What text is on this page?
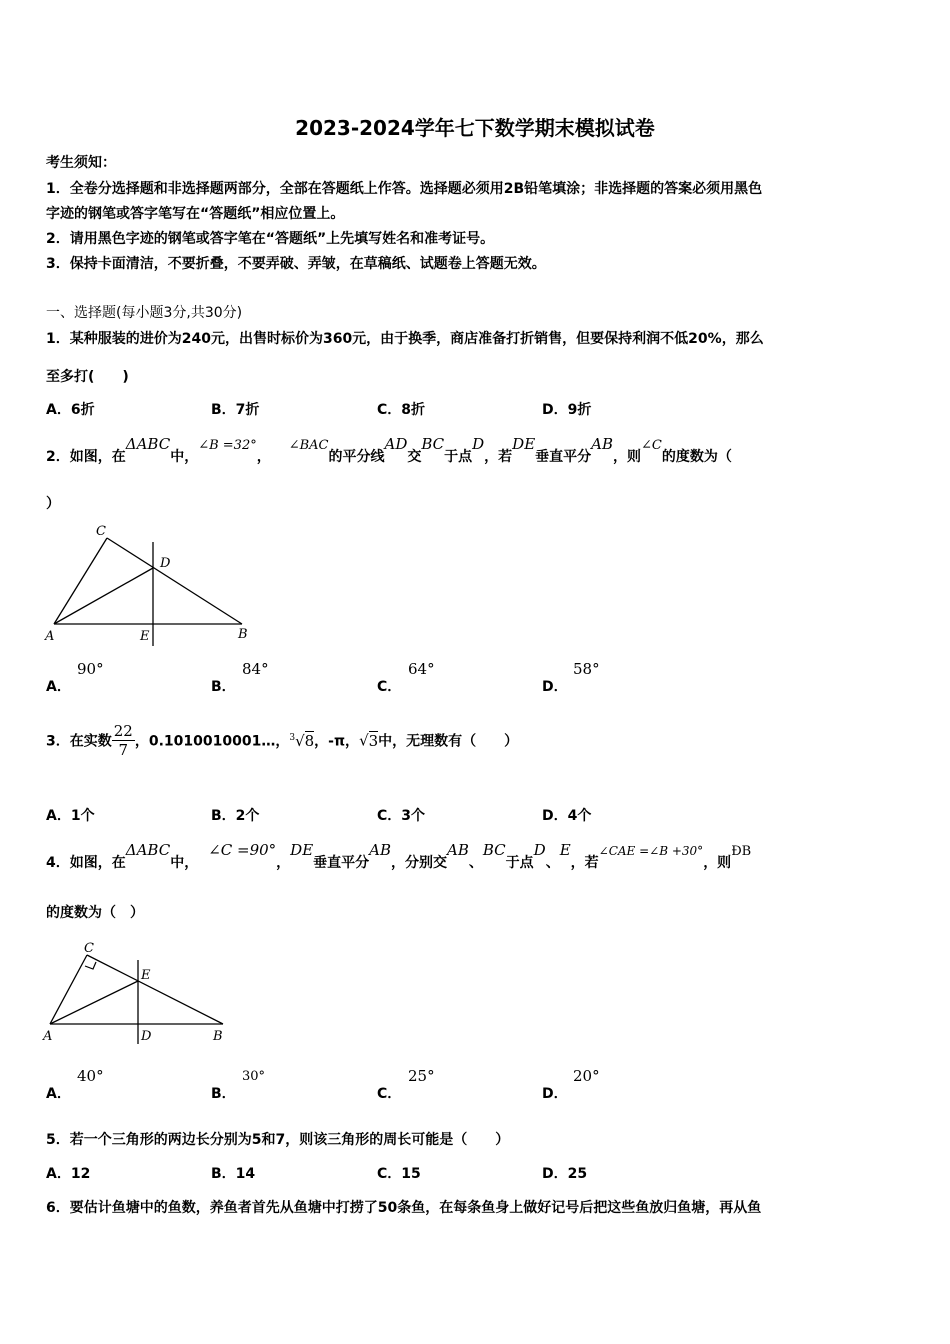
2023-2024学年七下数学期末模拟试卷
考生须知：
1．全卷分选择题和非选择题两部分，全部在答题纸上作答。选择题必须用2B铅笔填涂；非选择题的答案必须用黑色
字迹的钢笔或答字笔写在“答题纸”相应位置上。
2．请用黑色字迹的钢笔或答字笔在“答题纸”上先填写姓名和准考证号。
3．保持卡面清洁，不要折叠，不要弄破、弄皱，在草稿纸、试题卷上答题无效。
一、选择题(每小题3分,共30分)
1．某种服装的进价为240元，出售时标价为360元，由于换季，商店准备打折销售，但要保持利润不低20%，那么
至多打(　　)
A．6折	B．7折	C．8折	D．9折
2．如图，在ΔABC中，∠B =32°，∠BAC的平分线AD交BC于点D，若DE垂直平分AB，则∠C的度数为（
）
C
D
A	E	B
A．
90°
B．
84°
C．
64°
D．
58°
3．在实数 $\frac{22}{7}$ ，0.1010010001…，$^3$√8，-π，√3中，无理数有（　　）
A．1个	B．2个	C．3个	D．4个
4．如图，在ΔABC中，∠C =90°，DE垂直平分AB，分别交AB、BC于点D、E，若∠CAE =∠B +30°，则ÐB
的度数为（　）
C
E
A	D	B
A．
40°
B．
30°
C．
25°
D．
20°
5．若一个三角形的两边长分别为5和7，则该三角形的周长可能是（　　）
A．12	B．14	C．15	D．25
6．要估计鱼塘中的鱼数，养鱼者首先从鱼塘中打捞了50条鱼，在每条鱼身上做好记号后把这些鱼放归鱼塘，再从鱼
